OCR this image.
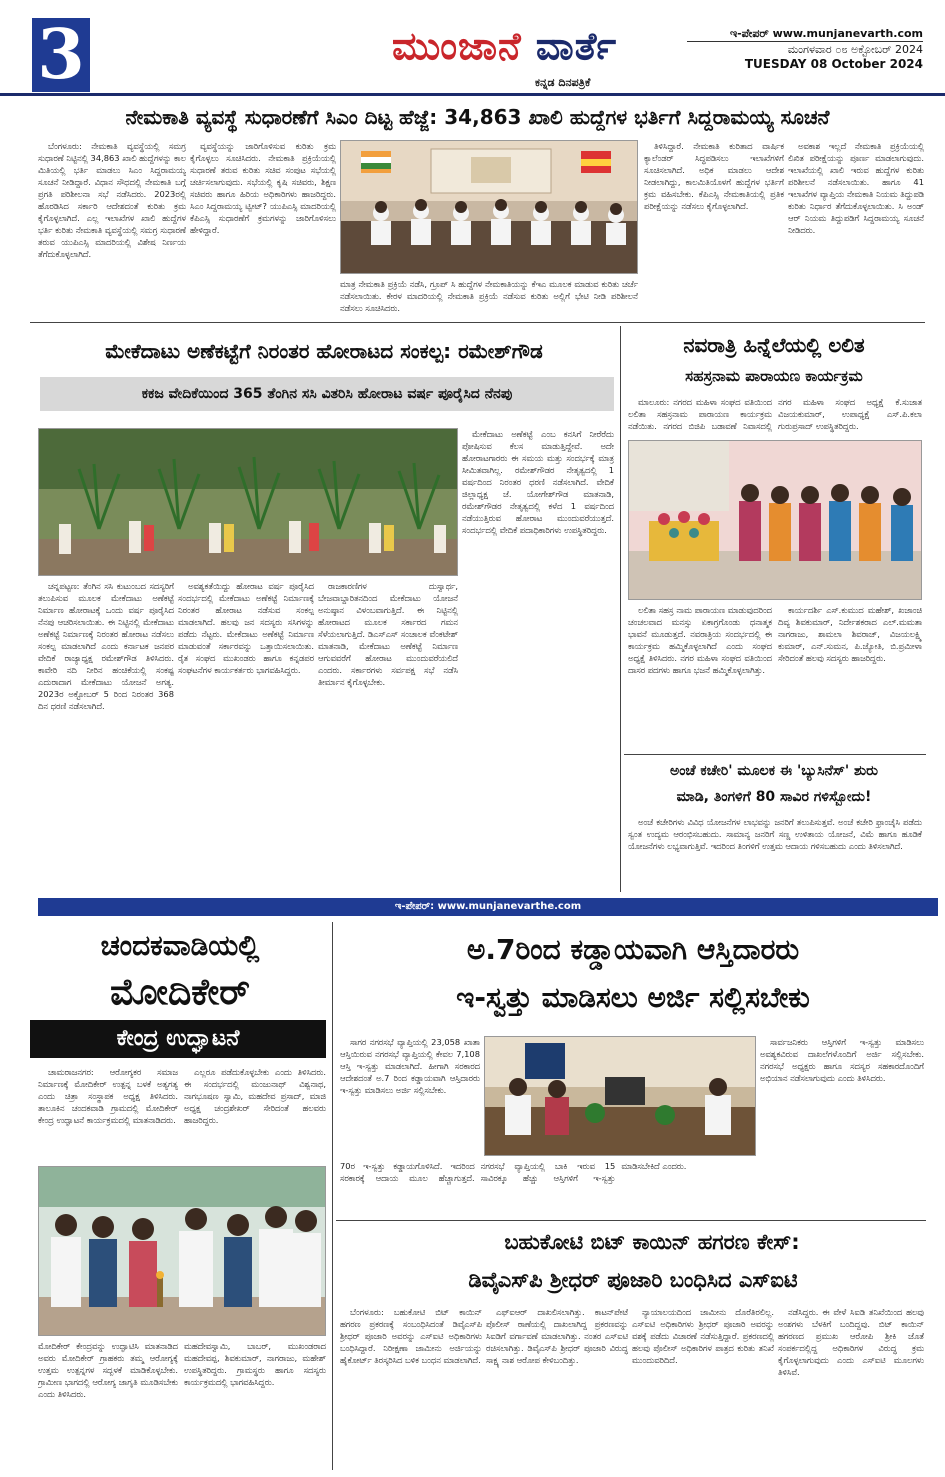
3	ಮುಂಜಾನೆ ವಾರ್ತೆ
ಕನ್ನಡ ದಿನಪತ್ರಿಕೆ
ಇ-ಪೇಪರ್ www.munjanevarth.com
ಮಂಗಳವಾರ ೦೮ ಅಕ್ಟೋಬರ್ 2024
TUESDAY 08 October 2024
ನೇಮಕಾತಿ ವ್ಯವಸ್ಥೆ ಸುಧಾರಣೆಗೆ ಸಿಎಂ ದಿಟ್ಟ ಹೆಜ್ಜೆ: 34,863 ಖಾಲಿ ಹುದ್ದೆಗಳ ಭರ್ತಿಗೆ ಸಿದ್ದರಾಮಯ್ಯ ಸೂಚನೆ

ಬೆಂಗಳೂರು: ನೇಮಕಾತಿ ವ್ಯವಸ್ಥೆಯಲ್ಲಿ ಸಮಗ್ರ ಸುಧಾರಣೆ ನಿಟ್ಟಿನಲ್ಲಿ 34,863 ಖಾಲಿ ಹುದ್ದೆಗಳನ್ನು ಕಾಲ ಮಿತಿಯಲ್ಲಿ ಭರ್ತಿ ಮಾಡಲು ಸಿಎಂ ಸಿದ್ದರಾಮಯ್ಯ ಸೂಚನೆ ನೀಡಿದ್ದಾರೆ. ವಿಧಾನ ಸೌಧದಲ್ಲಿ ನೇಮಕಾತಿ ಬಗ್ಗೆ ಪ್ರಗತಿ ಪರಿಶೀಲನಾ ಸಭೆ ನಡೆಸಿದರು. 2023ರಲ್ಲಿ ಹೊರಡಿಸಿದ ಸರ್ಕಾರಿ ಆದೇಶದಂತೆ ಕುರಿತು ಕ್ರಮ ಕೈಗೊಳ್ಳಲಾಗಿದೆ. ಎಲ್ಲ ಇಲಾಖೆಗಳ ಖಾಲಿ ಹುದ್ದೆಗಳ ಭರ್ತಿ ಕುರಿತು ನೇಮಕಾತಿ ವ್ಯವಸ್ಥೆಯಲ್ಲಿ ಸಮಗ್ರ ಸುಧಾರಣೆ ತರುವ ಯುಪಿಎಸ್ಸಿ ಮಾದರಿಯಲ್ಲಿ ವಿಶೇಷ ನಿರ್ಣಯ ತೆಗೆದುಕೊಳ್ಳಲಾಗಿದೆ.

ವ್ಯವಸ್ಥೆಯನ್ನು ಜಾರಿಗೊಳಿಸುವ ಕುರಿತು ಕ್ರಮ ಕೈಗೊಳ್ಳಲು ಸೂಚಿಸಿದರು. ನೇಮಕಾತಿ ಪ್ರಕ್ರಿಯೆಯಲ್ಲಿ ಸುಧಾರಣೆ ತರುವ ಕುರಿತು ಸಚಿವ ಸಂಪುಟ ಸಭೆಯಲ್ಲಿ ಚರ್ಚಿಸಲಾಗುವುದು. ಸಭೆಯಲ್ಲಿ ಕೃಷಿ ಸಚಿವರು, ಶಿಕ್ಷಣ ಸಚಿವರು ಹಾಗೂ ಹಿರಿಯ ಅಧಿಕಾರಿಗಳು ಹಾಜರಿದ್ದರು. ಸಿಎಂ ಸಿದ್ದರಾಮಯ್ಯ ಟ್ವೀಟ್? ಯುಪಿಎಸ್ಸಿ ಮಾದರಿಯಲ್ಲಿ ಕೆಪಿಎಸ್ಸಿ ಸುಧಾರಣೆಗೆ ಕ್ರಮಗಳನ್ನು ಜಾರಿಗೊಳಿಸಲು ಹೇಳಿದ್ದಾರೆ.

ಮಾತ್ರ ನೇಮಕಾತಿ ಪ್ರಕ್ರಿಯೆ ನಡೆಸಿ, ಗ್ರೂಪ್ ಸಿ ಹುದ್ದೆಗಳ ನೇಮಕಾತಿಯನ್ನು ಕೆಇಎ ಮೂಲಕ ಮಾಡುವ ಕುರಿತು ಚರ್ಚೆ ನಡೆಸಲಾಯಿತು. ಕೇರಳ ಮಾದರಿಯಲ್ಲಿ ನೇಮಕಾತಿ ಪ್ರಕ್ರಿಯೆ ನಡೆಸುವ ಕುರಿತು ಅಲ್ಲಿಗೆ ಭೇಟಿ ನೀಡಿ ಪರಿಶೀಲನೆ ನಡೆಸಲು ಸೂಚಿಸಿದರು.

ತಿಳಿಸಿದ್ದಾರೆ. ನೇಮಕಾತಿ ಕುರಿತಾದ ವಾರ್ಷಿಕ ಕ್ಯಾಲೆಂಡರ್ ಸಿದ್ಧಪಡಿಸಲು ಇಲಾಖೆಗಳಿಗೆ ಸೂಚಿಸಲಾಗಿದೆ. ಅಧಿಕ ಮಾಡಲು ಆದೇಶ ನೀಡಲಾಗಿದ್ದು, ಕಾಲಮಿತಿಯೊಳಗೆ ಹುದ್ದೆಗಳ ಭರ್ತಿಗೆ ಕ್ರಮ ವಹಿಸಬೇಕು. ಕೆಪಿಎಸ್ಸಿ ನೇಮಕಾತಿಯಲ್ಲಿ ಪ್ರತಿಕ ಪರೀಕ್ಷೆಯನ್ನು ನಡೆಸಲು ಕೈಗೊಳ್ಳಲಾಗಿದೆ.

ಅವಕಾಶ ಇಲ್ಲದೆ ನೇಮಕಾತಿ ಪ್ರಕ್ರಿಯೆಯಲ್ಲಿ ಲಿಖಿತ ಪರೀಕ್ಷೆಯನ್ನು ಪೂರ್ಣ ಮಾಡಲಾಗುವುದು. ಇಲಾಖೆಯಲ್ಲಿ ಖಾಲಿ ಇರುವ ಹುದ್ದೆಗಳ ಕುರಿತು ಪರಿಶೀಲನೆ ನಡೆಸಲಾಯಿತು. ಹಾಗೂ 41 ಇಲಾಖೆಗಳ ವ್ಯಾಪ್ತಿಯ ನೇಮಕಾತಿ ನಿಯಮ ತಿದ್ದುಪಡಿ ಕುರಿತು ನಿರ್ಧಾರ ತೆಗೆದುಕೊಳ್ಳಲಾಯಿತು. ಸಿ ಅಂಡ್ ಆರ್ ನಿಯಮ ತಿದ್ದುಪಡಿಗೆ ಸಿದ್ದರಾಮಯ್ಯ ಸೂಚನೆ ನೀಡಿದರು.

ಮೇಕೆದಾಟು ಅಣೆಕಟ್ಟೆಗೆ ನಿರಂತರ ಹೋರಾಟದ ಸಂಕಲ್ಪ: ರಮೇಶ್‌ಗೌಡ
ಕಕಜ ವೇದಿಕೆಯಿಂದ 365 ತೆಂಗಿನ ಸಸಿ ವಿತರಿಸಿ ಹೋರಾಟ ವರ್ಷ ಪೂರೈಸಿದ ನೆನಪು

ಚನ್ನಪಟ್ಟಣ: ತೆಂಗಿನ ಸಸಿ ಕುಟುಂಬದ ಸದಸ್ಯರಿಗೆ ತಲುಪಿಸುವ ಮೂಲಕ ಮೇಕೆದಾಟು ಅಣೆಕಟ್ಟೆ ನಿರ್ಮಾಣ ಹೋರಾಟಕ್ಕೆ ಒಂದು ವರ್ಷ ಪೂರೈಸಿದ ನೆನಪು ಆಚರಿಸಲಾಯಿತು. ಈ ನಿಟ್ಟಿನಲ್ಲಿ ಮೇಕೆದಾಟು ಅಣೆಕಟ್ಟೆ ನಿರ್ಮಾಣಕ್ಕೆ ನಿರಂತರ ಹೋರಾಟ ನಡೆಸಲು ಸಂಕಲ್ಪ ಮಾಡಲಾಗಿದೆ ಎಂದು ಕರ್ನಾಟಕ ಜನಪರ ವೇದಿಕೆ ರಾಜ್ಯಾಧ್ಯಕ್ಷ ರಮೇಶ್‌ಗೌಡ ತಿಳಿಸಿದರು. ಕಾವೇರಿ ನದಿ ನೀರಿನ ಹಂಚಿಕೆಯಲ್ಲಿ ಸಂಕಷ್ಟ ಎದುರಾದಾಗ ಮೇಕೆದಾಟು ಯೋಜನೆ ಅಗತ್ಯ. 2023ರ ಅಕ್ಟೋಬರ್ 5 ರಿಂದ ನಿರಂತರ 368 ದಿನ ಧರಣಿ ನಡೆಸಲಾಗಿದೆ.

ಅವಶ್ಯಕತೆಯಿದ್ದು ಹೋರಾಟ ವರ್ಷ ಪೂರೈಸಿದ ಸಂದರ್ಭದಲ್ಲಿ ಮೇಕೆದಾಟು ಅಣೆಕಟ್ಟೆ ನಿರ್ಮಾಣಕ್ಕೆ ನಿರಂತರ ಹೋರಾಟ ನಡೆಸುವ ಸಂಕಲ್ಪ ಮಾಡಲಾಗಿದೆ. ಹಲವು ಜನ ಸದಸ್ಯರು ಸಸಿಗಳನ್ನು ಪಡೆದು ನೆಟ್ಟರು. ಮೇಕೆದಾಟು ಅಣೆಕಟ್ಟೆ ನಿರ್ಮಾಣ ಮಾಡುವಂತೆ ಸರ್ಕಾರವನ್ನು ಒತ್ತಾಯಿಸಲಾಯಿತು. ರೈತ ಸಂಘದ ಮುಖಂಡರು ಹಾಗೂ ಕನ್ನಡಪರ ಸಂಘಟನೆಗಳ ಕಾರ್ಯಕರ್ತರು ಭಾಗವಹಿಸಿದ್ದರು.

ರಾಜಕಾರಣಿಗಳ ದುಸ್ವಾರ್ಥ, ಬೇಜವಾಬ್ದಾರಿತನದಿಂದ ಮೇಕೆದಾಟು ಯೋಜನೆ ಅನುಷ್ಠಾನ ವಿಳಂಬವಾಗುತ್ತಿದೆ. ಈ ನಿಟ್ಟಿನಲ್ಲಿ ಹೋರಾಟದ ಮೂಲಕ ಸರ್ಕಾರದ ಗಮನ ಸೆಳೆಯಲಾಗುತ್ತಿದೆ. ಡಿಎಸ್ಎಸ್ ಸಂಚಾಲಕ ವೆಂಕಟೇಶ್ ಮಾತನಾಡಿ, ಮೇಕೆದಾಟು ಅಣೆಕಟ್ಟೆ ನಿರ್ಮಾಣ ಆಗುವವರೆಗೆ ಹೋರಾಟ ಮುಂದುವರೆಯಲಿದೆ ಎಂದರು. ಸರ್ಕಾರಗಳು ಸರ್ವಪಕ್ಷ ಸಭೆ ನಡೆಸಿ ತೀರ್ಮಾನ ಕೈಗೊಳ್ಳಬೇಕು.

ಮೇಕೆದಾಟು ಅಣೆಕಟ್ಟೆ ಎಂಬ ಕನಸಿಗೆ ನೀರೆರೆದು ಪೋಷಿಸುವ ಕೆಲಸ ಮಾಡುತ್ತಿದ್ದೇವೆ. ಅದೇ ಹೋರಾಟಗಾರರು ಈ ಸಮಯ ಮತ್ತು ಸಂದರ್ಭಕ್ಕೆ ಮಾತ್ರ ಸೀಮಿತವಾಗಿಲ್ಲ. ರಮೇಶ್‌ಗೌಡರ ನೇತೃತ್ವದಲ್ಲಿ 1 ವರ್ಷದಿಂದ ನಿರಂತರ ಧರಣಿ ನಡೆಸಲಾಗಿದೆ. ವೇದಿಕೆ ಜಿಲ್ಲಾಧ್ಯಕ್ಷ ಜೆ. ಯೋಗೇಶ್‌ಗೌಡ ಮಾತನಾಡಿ, ರಮೇಶ್‌ಗೌಡರ ನೇತೃತ್ವದಲ್ಲಿ ಕಳೆದ 1 ವರ್ಷದಿಂದ ನಡೆಯುತ್ತಿರುವ ಹೋರಾಟ ಮುಂದುವರೆಯುತ್ತದೆ. ಸಂದರ್ಭದಲ್ಲಿ ವೇದಿಕೆ ಪದಾಧಿಕಾರಿಗಳು ಉಪಸ್ಥಿತರಿದ್ದರು.

ನವರಾತ್ರಿ ಹಿನ್ನೆಲೆಯಲ್ಲಿ ಲಲಿತ
ಸಹಸ್ರನಾಮ ಪಾರಾಯಣ ಕಾರ್ಯಕ್ರಮ

ಮಾಲೂರು: ನಗರದ ಮಹಿಳಾ ಸಂಘದ ವತಿಯಿಂದ ಲಲಿತಾ ಸಹಸ್ರನಾಮ ಪಾರಾಯಣ ಕಾರ್ಯಕ್ರಮ ನಡೆಯಿತು. ನಗರದ ಬಿಜಿಪಿ ಬಡಾವಣೆ ನಿವಾಸದಲ್ಲಿ ನಗರ ಮಹಿಳಾ ಸಂಘದ ಅಧ್ಯಕ್ಷೆ ಕೆ.ಸುಜಾತ ವಿಜಯಕುಮಾರ್, ಉಪಾಧ್ಯಕ್ಷೆ ಎಸ್.ಪಿ.ಕಲಾ ಗುರುಪ್ರಸಾದ್ ಉಪಸ್ಥಿತರಿದ್ದರು.

ಲಲಿತಾ ಸಹಸ್ರ ನಾಮ ಪಾರಾಯಣ ಮಾಡುವುದರಿಂದ ಚಂಚಲವಾದ ಮನಸ್ಸು ಏಕಾಗ್ರಗೊಂಡು ಧನಾತ್ಮಕ ಭಾವನೆ ಮೂಡುತ್ತದೆ. ನವರಾತ್ರಿಯ ಸಂದರ್ಭದಲ್ಲಿ ಈ ಕಾರ್ಯಕ್ರಮ ಹಮ್ಮಿಕೊಳ್ಳಲಾಗಿದೆ ಎಂದು ಸಂಘದ ಅಧ್ಯಕ್ಷೆ ತಿಳಿಸಿದರು. ನಗರ ಮಹಿಳಾ ಸಂಘದ ವತಿಯಿಂದ ದಾಸರ ಪದಗಳು ಹಾಗೂ ಭಜನೆ ಹಮ್ಮಿಕೊಳ್ಳಲಾಗಿತ್ತು.

ಕಾರ್ಯದರ್ಶಿ ಎಸ್.ಕುಮುದ ಮಹೇಶ್, ಖಜಾಂಚಿ ದಿವ್ಯ ಶಿವಕುಮಾರ್, ನಿರ್ದೇಶಕರಾದ ಎಲ್.ಮಮತಾ ನಾಗರಾಜು, ಶಾಮಲಾ ಶಿವರಾಜ್, ವಿಜಯಲಕ್ಷ್ಮಿ ಕುಮಾರ್, ಎನ್.ಸುಮನ, ಪಿ.ಜ್ಯೋತಿ, ಬಿ.ಪ್ರಮೀಳಾ ಸೇರಿದಂತೆ ಹಲವು ಸದಸ್ಯರು ಹಾಜರಿದ್ದರು.

ಅಂಚೆ ಕಚೇರಿ' ಮೂಲಕ ಈ 'ಬ್ಯುಸಿನೆಸ್' ಶುರು
ಮಾಡಿ, ತಿಂಗಳಿಗೆ 80 ಸಾವಿರ ಗಳಿಸ್ಬೋದು!

ಅಂಚೆ ಕಚೇರಿಗಳು ವಿವಿಧ ಯೋಜನೆಗಳ ಲಾಭವನ್ನು ಜನರಿಗೆ ತಲುಪಿಸುತ್ತವೆ. ಅಂಚೆ ಕಚೇರಿ ಫ್ರಾಂಚೈಸಿ ಪಡೆದು ಸ್ವಂತ ಉದ್ಯಮ ಆರಂಭಿಸಬಹುದು. ಸಾಮಾನ್ಯ ಜನರಿಗೆ ಸಣ್ಣ ಉಳಿತಾಯ ಯೋಜನೆ, ವಿಮೆ ಹಾಗೂ ಹೂಡಿಕೆ ಯೋಜನೆಗಳು ಲಭ್ಯವಾಗುತ್ತಿವೆ. ಇದರಿಂದ ತಿಂಗಳಿಗೆ ಉತ್ತಮ ಆದಾಯ ಗಳಿಸಬಹುದು ಎಂದು ತಿಳಿಸಲಾಗಿದೆ.

ಇ-ಪೇಪರ್: www.munjanevarthe.com
ಚಂದಕವಾಡಿಯಲ್ಲಿ
ಮೋದಿಕೇರ್
ಕೇಂದ್ರ ಉದ್ಘಾಟನೆ

ಚಾಮರಾಜನಗರ: ಆರೋಗ್ಯಕರ ಸಮಾಜ ನಿರ್ಮಾಣಕ್ಕೆ ಮೋದಿಕೇರ್ ಉತ್ಪನ್ನ ಬಳಕೆ ಅತ್ಯಗತ್ಯ ಎಂದು ಚಿತ್ರಾ ಸಂಸ್ಥಾಪಕ ಅಧ್ಯಕ್ಷ ತಿಳಿಸಿದರು. ತಾಲೂಕಿನ ಚಂದಕವಾಡಿ ಗ್ರಾಮದಲ್ಲಿ ಮೋದಿಕೇರ್ ಕೇಂದ್ರ ಉದ್ಘಾಟನೆ ಕಾರ್ಯಕ್ರಮದಲ್ಲಿ ಮಾತನಾಡಿದರು.

ಎಲ್ಲರೂ ಪಡೆದುಕೊಳ್ಳಬೇಕು ಎಂದು ತಿಳಿಸಿದರು. ಈ ಸಂದರ್ಭದಲ್ಲಿ ಮಂಜುನಾಥ್ ವಿಶ್ವನಾಥ, ನಾಗಭೂಷಣ ಸ್ವಾಮಿ, ಮಹದೇವ ಪ್ರಸಾದ್, ಮಾಜಿ ಅಧ್ಯಕ್ಷ ಚಂದ್ರಶೇಖರ್ ಸೇರಿದಂತೆ ಹಲವರು ಹಾಜರಿದ್ದರು.

ಮೋದಿಕೇರ್ ಕೇಂದ್ರವನ್ನು ಉದ್ಘಾಟಿಸಿ ಮಾತನಾಡಿದ ಅವರು ಮೋದಿಕೇರ್ ಗ್ರಾಹಕರು ತಮ್ಮ ಆರೋಗ್ಯಕ್ಕೆ ಉತ್ತಮ ಉತ್ಪನ್ನಗಳ ಸದ್ಬಳಕೆ ಮಾಡಿಕೊಳ್ಳಬೇಕು. ಗ್ರಾಮೀಣ ಭಾಗದಲ್ಲಿ ಆರೋಗ್ಯ ಜಾಗೃತಿ ಮೂಡಿಸಬೇಕು ಎಂದು ತಿಳಿಸಿದರು.
ಮಹದೇವಸ್ವಾಮಿ, ಬಾಬರ್, ಮುಖಂಡರಾದ ಮಹದೇವಪ್ಪ, ಶಿವಕುಮಾರ್, ನಾಗರಾಜು, ಮಹೇಶ್ ಉಪಸ್ಥಿತರಿದ್ದರು. ಗ್ರಾಮಸ್ಥರು ಹಾಗೂ ಸದಸ್ಯರು ಕಾರ್ಯಕ್ರಮದಲ್ಲಿ ಭಾಗವಹಿಸಿದ್ದರು.
ಅ.7ರಿಂದ ಕಡ್ಡಾಯವಾಗಿ ಆಸ್ತಿದಾರರು
ಇ-ಸ್ವತ್ತು ಮಾಡಿಸಲು ಅರ್ಜಿ ಸಲ್ಲಿಸಬೇಕು

ಸಾಗರ ನಗರಸಭೆ ವ್ಯಾಪ್ತಿಯಲ್ಲಿ 23,058 ಖಾತಾ ಆಸ್ತಿಯಿರುವ ನಗರಸಭೆ ವ್ಯಾಪ್ತಿಯಲ್ಲಿ ಕೇವಲ 7,108 ಆಸ್ತಿ ಇ-ಸ್ವತ್ತು ಮಾಡಲಾಗಿದೆ. ಹೀಗಾಗಿ ಸರಕಾರದ ಆದೇಶದಂತೆ ಅ.7 ರಿಂದ ಕಡ್ಡಾಯವಾಗಿ ಆಸ್ತಿದಾರರು ಇ-ಸ್ವತ್ತು ಮಾಡಿಸಲು ಅರ್ಜಿ ಸಲ್ಲಿಸಬೇಕು.

ಸಾರ್ವಜನಿಕರು ಆಸ್ತಿಗಳಿಗೆ ಇ-ಸ್ವತ್ತು ಮಾಡಿಸಲು ಅವಶ್ಯಕವಿರುವ ದಾಖಲೆಗಳೊಂದಿಗೆ ಅರ್ಜಿ ಸಲ್ಲಿಸಬೇಕು. ನಗರಸಭೆ ಅಧ್ಯಕ್ಷರು ಹಾಗೂ ಸದಸ್ಯರ ಸಹಕಾರದೊಂದಿಗೆ ಅಭಿಯಾನ ನಡೆಸಲಾಗುವುದು ಎಂದು ತಿಳಿಸಿದರು.

70ರ ಇ-ಸ್ವತ್ತು ಕಡ್ಡಾಯಗೊಳಿಸಿದೆ. ಇದರಿಂದ ಸರಕಾರಕ್ಕೆ ಆದಾಯ ಮೂಲ ಹೆಚ್ಚಾಗುತ್ತದೆ. ನಗರಸಭೆ ವ್ಯಾಪ್ತಿಯಲ್ಲಿ ಬಾಕಿ ಇರುವ 15 ಸಾವಿರಕ್ಕೂ ಹೆಚ್ಚು ಆಸ್ತಿಗಳಿಗೆ ಇ-ಸ್ವತ್ತು ಮಾಡಿಸಬೇಕಿದೆ ಎಂದರು.
ಬಹುಕೋಟಿ ಬಿಟ್ ಕಾಯಿನ್ ಹಗರಣ ಕೇಸ್:
ಡಿವೈಎಸ್‌ಪಿ ಶ್ರೀಧರ್ ಪೂಜಾರಿ ಬಂಧಿಸಿದ ಎಸ್‌ಐಟಿ

ಬೆಂಗಳೂರು: ಬಹುಕೋಟಿ ಬಿಟ್ ಕಾಯಿನ್ ಹಗರಣ ಪ್ರಕರಣಕ್ಕೆ ಸಂಬಂಧಿಸಿದಂತೆ ಡಿವೈಎಸ್‌ಪಿ ಶ್ರೀಧರ್ ಪೂಜಾರಿ ಅವರನ್ನು ಎಸ್‌ಐಟಿ ಅಧಿಕಾರಿಗಳು ಬಂಧಿಸಿದ್ದಾರೆ. ನಿರೀಕ್ಷಣಾ ಜಾಮೀನು ಅರ್ಜಿಯನ್ನು ಹೈಕೋರ್ಟ್ ತಿರಸ್ಕರಿಸಿದ ಬಳಿಕ ಬಂಧನ ಮಾಡಲಾಗಿದೆ.

ಎಫ್ಐಆರ್ ದಾಖಲಿಸಲಾಗಿತ್ತು. ಕಾಟನ್‌ಪೇಟೆ ಪೊಲೀಸ್ ಠಾಣೆಯಲ್ಲಿ ದಾಖಲಾಗಿದ್ದ ಪ್ರಕರಣವನ್ನು ಸಿಐಡಿಗೆ ವರ್ಗಾವಣೆ ಮಾಡಲಾಗಿತ್ತು. ನಂತರ ಎಸ್‌ಐಟಿ ರಚಿಸಲಾಗಿತ್ತು. ಡಿವೈಎಸ್‌ಪಿ ಶ್ರೀಧರ್ ಪೂಜಾರಿ ವಿರುದ್ಧ ಸಾಕ್ಷ್ಯ ನಾಶ ಆರೋಪ ಕೇಳಿಬಂದಿತ್ತು.

ನ್ಯಾಯಾಲಯದಿಂದ ಜಾಮೀನು ದೊರೆತಿರಲಿಲ್ಲ. ಎಸ್‌ಐಟಿ ಅಧಿಕಾರಿಗಳು ಶ್ರೀಧರ್ ಪೂಜಾರಿ ಅವರನ್ನು ವಶಕ್ಕೆ ಪಡೆದು ವಿಚಾರಣೆ ನಡೆಸುತ್ತಿದ್ದಾರೆ. ಪ್ರಕರಣದಲ್ಲಿ ಹಲವು ಪೊಲೀಸ್ ಅಧಿಕಾರಿಗಳ ಪಾತ್ರದ ಕುರಿತು ತನಿಖೆ ಮುಂದುವರಿದಿದೆ.

ನಡೆಸಿದ್ದರು. ಈ ವೇಳೆ ಸಿಐಡಿ ತನಿಖೆಯಿಂದ ಹಲವು ಅಂಶಗಳು ಬೆಳಕಿಗೆ ಬಂದಿದ್ದವು. ಬಿಟ್ ಕಾಯಿನ್ ಹಗರಣದ ಪ್ರಮುಖ ಆರೋಪಿ ಶ್ರೀಕಿ ಜೊತೆ ಸಂಪರ್ಕದಲ್ಲಿದ್ದ ಅಧಿಕಾರಿಗಳ ವಿರುದ್ಧ ಕ್ರಮ ಕೈಗೊಳ್ಳಲಾಗುವುದು ಎಂದು ಎಸ್‌ಐಟಿ ಮೂಲಗಳು ತಿಳಿಸಿವೆ.
